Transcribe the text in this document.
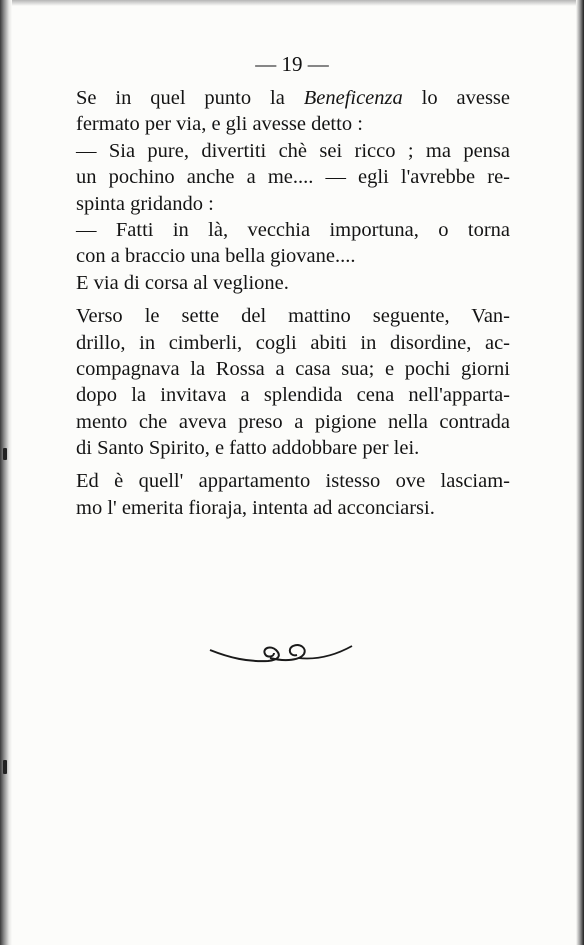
— 19 —
Se in quel punto la Beneficenza lo avesse
fermato per via, e gli avesse detto :
— Sia pure, divertiti chè sei ricco ; ma pensa
un pochino anche a me.... — egli l'avrebbe re-
spinta gridando :
— Fatti in là, vecchia importuna, o torna
con a braccio una bella giovane....
E via di corsa al veglione.
Verso le sette del mattino seguente, Van-
drillo, in cimberli, cogli abiti in disordine, ac-
compagnava la Rossa a casa sua; e pochi giorni
dopo la invitava a splendida cena nell'apparta-
mento che aveva preso a pigione nella contrada
di Santo Spirito, e fatto addobbare per lei.
Ed è quell' appartamento istesso ove lasciam-
mo l' emerita fioraja, intenta ad acconciarsi.
